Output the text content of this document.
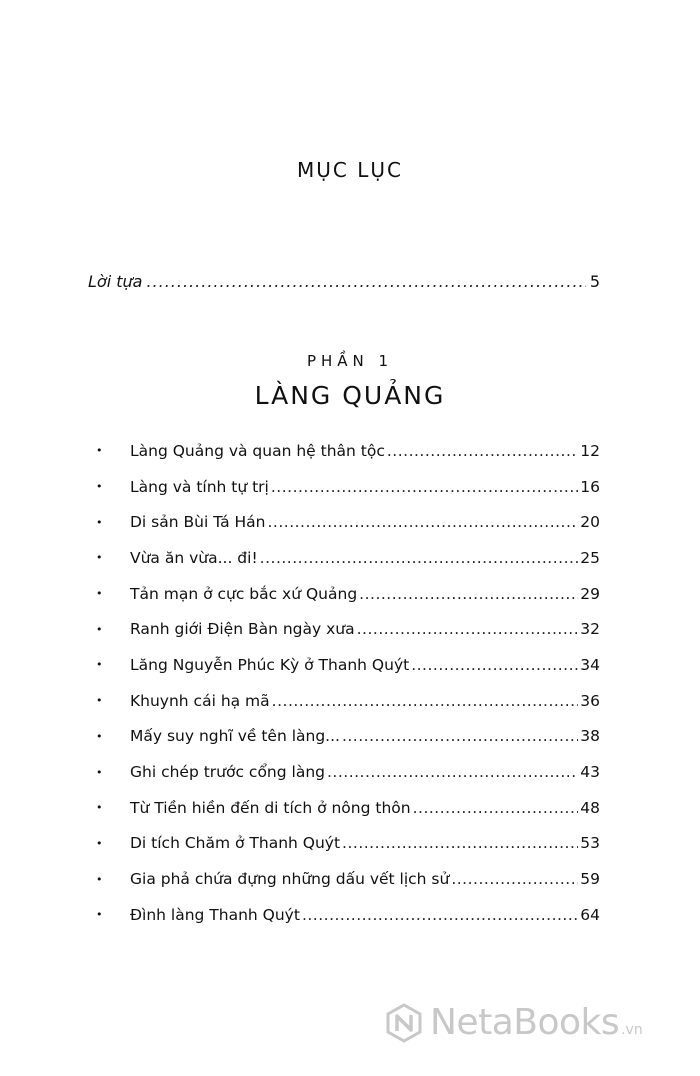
MỤC LỤC
Lời tựa .....	5
PHẦN 1
LÀNG QUẢNG
•	Làng Quảng và quan hệ thân tộc .....	12
•	Làng và tính tự trị .....	16
•	Di sản Bùi Tá Hán .....	20
•	Vừa ăn vừa... đi! .....	25
•	Tản mạn ở cực bắc xứ Quảng .....	29
•	Ranh giới Điện Bàn ngày xưa .....	32
•	Lăng Nguyễn Phúc Kỳ ở Thanh Quýt .....	34
•	Khuynh cái hạ mã .....	36
•	Mấy suy nghĩ về tên làng... .....	38
•	Ghi chép trước cổng làng .....	43
•	Từ Tiền hiền đến di tích ở nông thôn .....	48
•	Di tích Chăm ở Thanh Quýt .....	53
•	Gia phả chứa đựng những dấu vết lịch sử .....	59
•	Đình làng Thanh Quýt .....	64
NetaBooks .vn
